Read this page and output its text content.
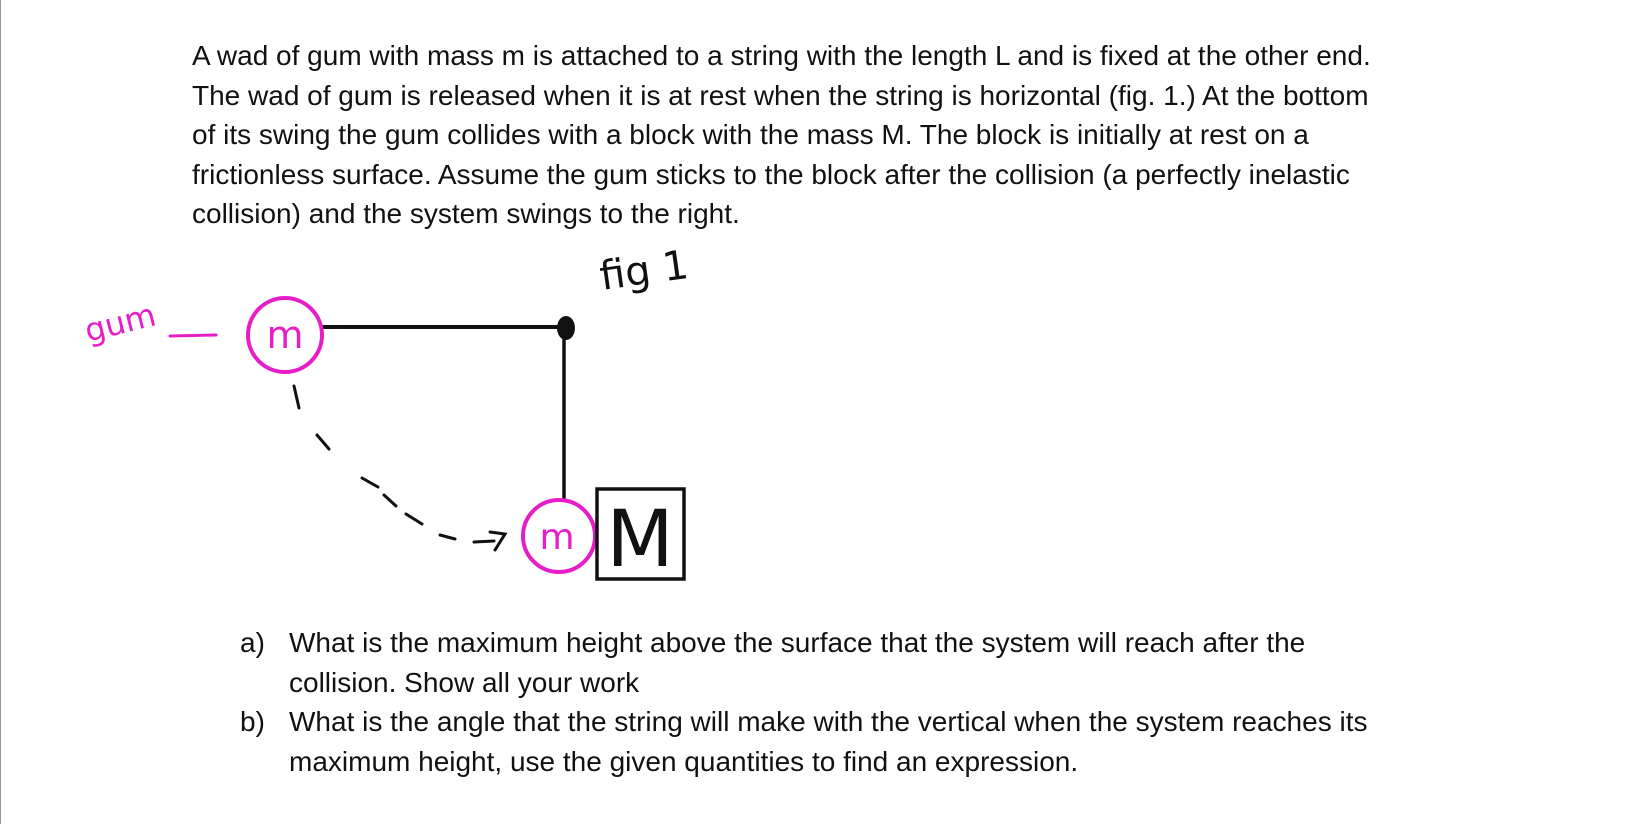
A wad of gum with mass m is attached to a string with the length L and is fixed at the other end.
The wad of gum is released when it is at rest when the string is horizontal (fig. 1.) At the bottom
of its swing the gum collides with a block with the mass M. The block is initially at rest on a
frictionless surface. Assume the gum sticks to the block after the collision (a perfectly inelastic
collision) and the system swings to the right.

fig 1
gum	m
m M
a) What is the maximum height above the surface that the system will reach after the
collision. Show all your work
b) What is the angle that the string will make with the vertical when the system reaches its
maximum height, use the given quantities to find an expression.
